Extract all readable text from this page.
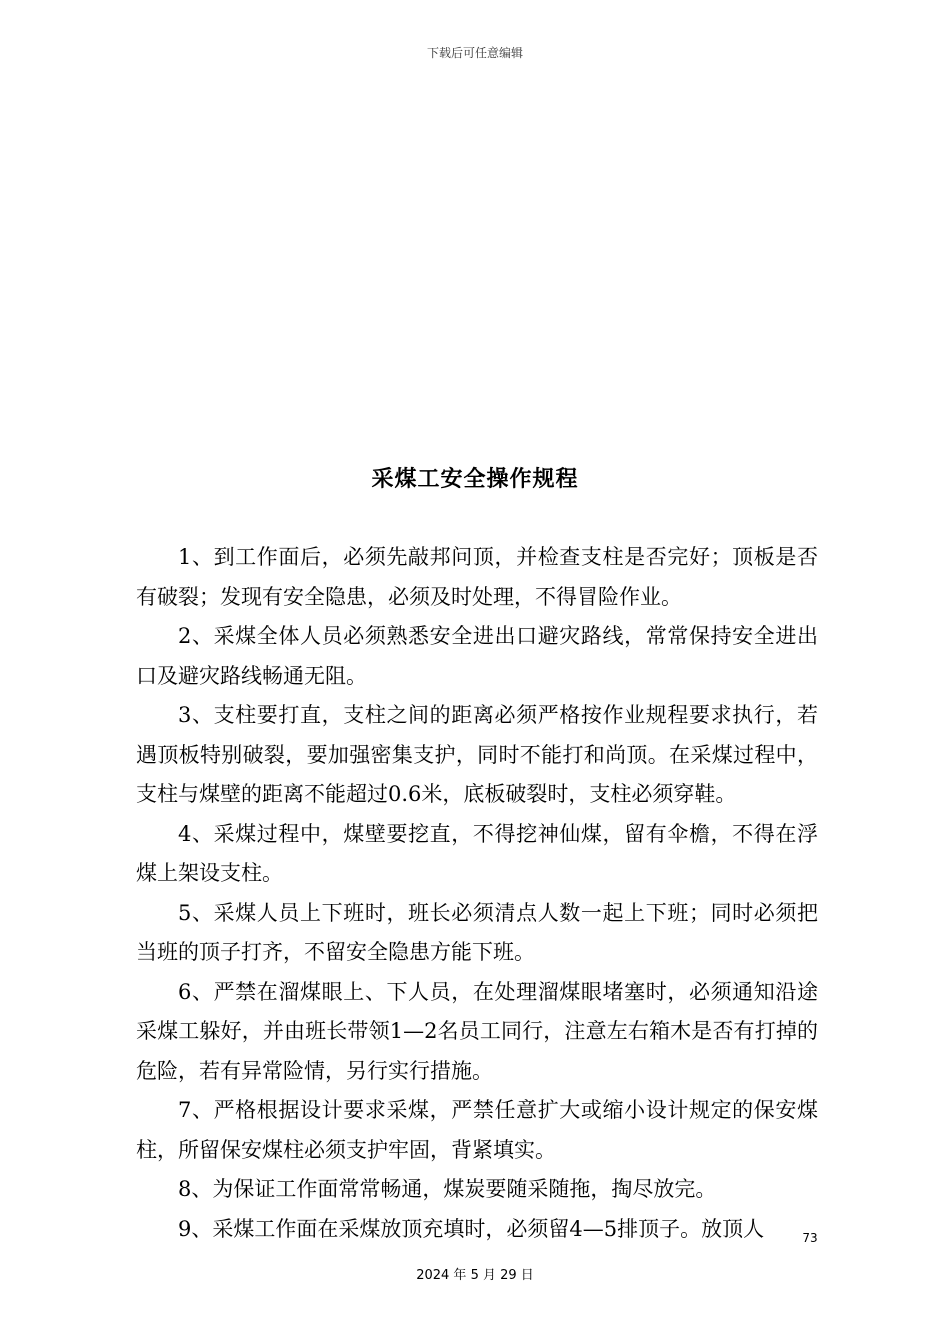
下载后可任意编辑
采煤工安全操作规程

1、到工作面后，必须先敲邦问顶，并检查支柱是否完好；顶板是否有破裂；发现有安全隐患，必须及时处理，不得冒险作业。

2、采煤全体人员必须熟悉安全进出口避灾路线，常常保持安全进出口及避灾路线畅通无阻。

3、支柱要打直，支柱之间的距离必须严格按作业规程要求执行，若遇顶板特别破裂，要加强密集支护，同时不能打和尚顶。在采煤过程中，支柱与煤壁的距离不能超过0.6米，底板破裂时，支柱必须穿鞋。

4、采煤过程中，煤壁要挖直，不得挖神仙煤，留有伞檐，不得在浮煤上架设支柱。

5、采煤人员上下班时，班长必须清点人数一起上下班；同时必须把当班的顶子打齐，不留安全隐患方能下班。

6、严禁在溜煤眼上、下人员，在处理溜煤眼堵塞时，必须通知沿途采煤工躲好，并由班长带领1—2名员工同行，注意左右箱木是否有打掉的危险，若有异常险情，另行实行措施。

7、严格根据设计要求采煤，严禁任意扩大或缩小设计规定的保安煤柱，所留保安煤柱必须支护牢固，背紧填实。

8、为保证工作面常常畅通，煤炭要随采随拖，掏尽放完。

9、采煤工作面在采煤放顶充填时，必须留4—5排顶子。放顶人	73
2024 年 5 月 29 日
